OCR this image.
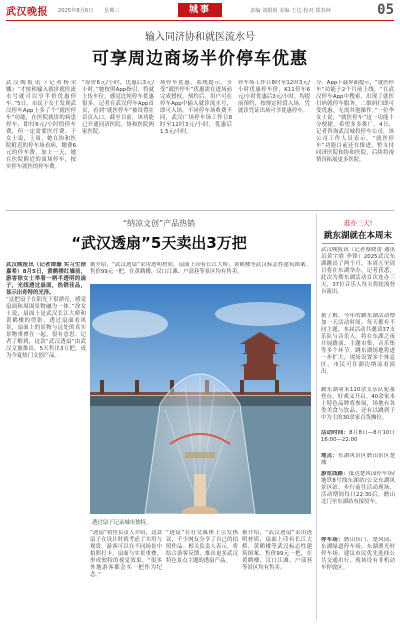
武汉晚报 2025年8月6日 星期三	城事	责编 刘娟娟 美编 王达 校对 郑春林	05
输入同济协和就医流水号
可享周边商场半价停车优惠
武汉晚报讯（记者杨荣娜）“才按和输入就诊就医流水号就可以享半价优惠停车。”5日，市民于女士发现武汉停车App上多了个“就医停车”功能，在医院就诊的病患停车，即付6元/小时的停车费，但一定需要医疗费。于女士说，上周，她在协和医院附近的停车场看病，缴费6元的停车费，加上一天，她在医院附近的商场停车，按实停车就医的停车费。
“原价6元/小时，优惠后3元/小时。”她按照App指引，将就上传车位，感觉比纯停车优惠很多。记者在武汉停车App首页，看到“就医停车”被设置在首页入口。截至目前，该功能已开通同济医院、协和医院两家医院。
场停车优惠。系统提示，享受“就医停车”优惠需在进场前完成授权。预约后，用户可在停车App中输入就诊流水号，即可入场。不同停车场收费不同，武汉广场停车场工作日8时至12时3元/小时，优惠后1.5元/小时。
停车场工作日8时至12时3元/小时优惠停车价，K11停车6元/小时优惠后3元/小时。均提前预约，按规定时段入场，凭就诊凭证出场可享优惠停车。
分。App下载界面提示，“就医停车”功能于2个月前上线。“在武汉停车App中搜索，出现了就医扫码就停车服务，二维码扫即可受优惠，无需其他操作。”一位李女士说，“就医停车”这一功能十分便捷，希望多多推广。4日，记者咨询武汉城投停车公司，该公司工作人员表示，“就医停车”功能目前还在推进，暂支持同济医院和协和医院，后续将视情况拓展更多医院。
“纳凉文创”产品热销
“武汉透扇”5天卖出3万把
武汉晚报讯（记者谭璇 实习生徐嘉希）8月5日，黄鹤楼红墙前，游客徐女士举着一柄半透明的扇子，光线透过扇面，热销佳品，显示出奇特的光泽。
“这把扇子在阳光下很漂亮，感觉扇面和周围景物融为一体。”徐女士说，扇面上是武汉长江大桥和黄鹤楼的剪影，透过扇面看风景，扇面上的景物与远处的真实景物重叠在一起，很有意思。记者了解到，这款“武汉透扇”由武汉文旅推出，5天售出3万把，成为今夏热门文创产品。
据介绍，“武汉透扇”采用透明材质，扇面上印有长江大桥、黄鹤楼等武汉标志性建筑图案。售价99元一把，在黄鹤楼、汉口江滩、户部巷等景区均有售卖。
透过扇子记录城市独特。
“透扇”销售负责人介绍，这款扇子在设计时就考虑了实用与观赏，游客可以在不同场景中拍照打卡，扇面与实景重叠，形成独特的视觉效果。“很多外地游客都会买一把作为纪念。”
“透扇”在社交媒体上引发热议，不少网友分享了自己的拍照作品。相关负责人表示，将结合游客反馈，推出更多武汉特色景点主题的透扇产品。
据介绍，“武汉透扇”采用透明材质，扇面上印有长江大桥、黄鹤楼等武汉标志性建筑图案。售价99元一把，在黄鹤楼、汉口江滩、户部巷等景区均有售卖。
逛办三天!
跳东湖就在本周末
武汉晚报讯（记者蔡晓蕾 通讯员黄宇晗 李锋）2025武汉东湖跳出了两个月，本周五至周日将在东湖举办，记者获悉，此次为期东湖活动首次连办三天，37位音乐人每天将轮流登台演出。
据了解，今年的跳东湖活动增加一天活动时间，每天都有不同主题，本届活动共邀请37支乐队与音乐人，将在东湖之夜开展路演、主题市集、音乐集等多个环节。跳东湖场地将进一步扩大，现场设置多个休息区，市民可在湖边纳凉看演出。
跳东湖周末110余支乐队轮番登台，好戏又开启。40余家本土特色品牌将参展，场地有各类美食与饮品，还有以跳到于中为主的30余家百货摊位。
活动时间：8月8日—8月10日 16:00—22:00
地点：东湖风景区磨山景区楚城
游览线路：抵达楚风园停车场/地铁8号线东湖站/公交东湖风景区站，步行前往活动现场，活动期间每日22:30后，磨山北门至东湖站有接驳车。
停车场：磨山东门、楚风园、东湖绿道停车场、东湖渔光村停车场，建议市民优先选择公共交通出行，现场设有非机动车停放区。
